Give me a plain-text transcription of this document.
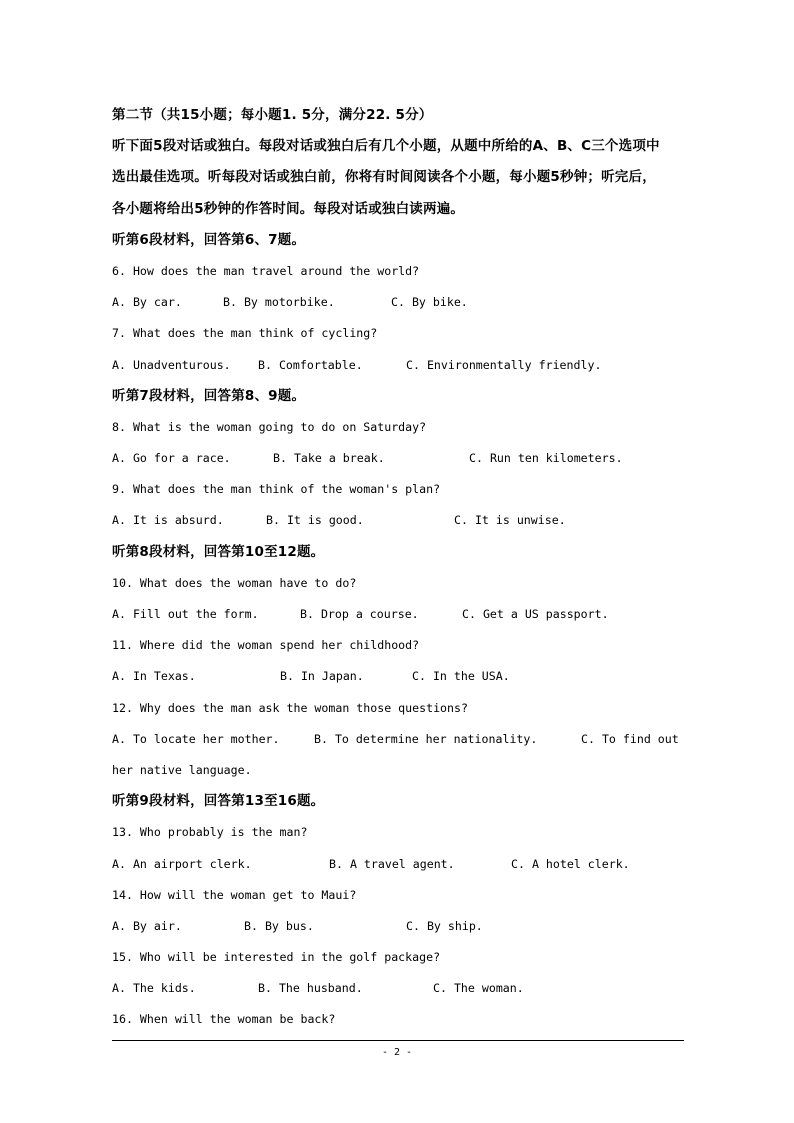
第二节（共15小题；每小题1. 5分，满分22. 5分）
听下面5段对话或独白。每段对话或独白后有几个小题，从题中所给的A、B、C三个选项中
选出最佳选项。听每段对话或独白前，你将有时间阅读各个小题，每小题5秒钟；听完后，
各小题将给出5秒钟的作答时间。每段对话或独白读两遍。
听第6段材料，回答第6、7题。
6. How does the man travel around the world?
A. By car.	B. By motorbike.	C. By bike.
7. What does the man think of cycling?
A. Unadventurous. B. Comfortable.	C. Environmentally friendly.
听第7段材料，回答第8、9题。
8. What is the woman going to do on Saturday?
A. Go for a race.	B. Take a break.	C. Run ten kilometers.
9. What does the man think of the woman's plan?
A. It is absurd.	B. It is good.	C. It is unwise.
听第8段材料，回答第10至12题。
10. What does the woman have to do?
A. Fill out the form.	B. Drop a course.	C. Get a US passport.
11. Where did the woman spend her childhood?
A. In Texas.	B. In Japan.	C. In the USA.
12. Why does the man ask the woman those questions?
A. To locate her mother.	B. To determine her nationality.	C. To find out
her native language.
听第9段材料，回答第13至16题。
13. Who probably is the man?
A. An airport clerk.	B. A travel agent.	C. A hotel clerk.
14. How will the woman get to Maui?
A. By air.	B. By bus.	C. By ship.
15. Who will be interested in the golf package?
A. The kids.	B. The husband.	C. The woman.
16. When will the woman be back?
- 2 -
